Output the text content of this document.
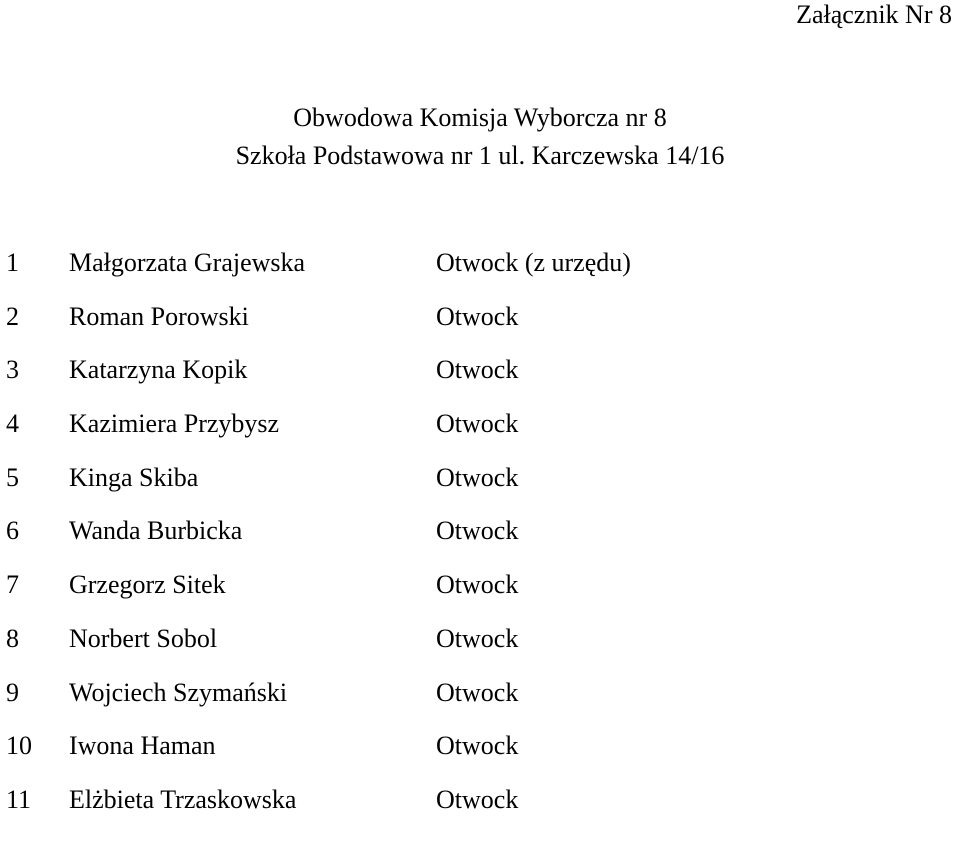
Załącznik Nr 8
Szkoła Podstawowa nr 1 ul. Karczewska 14/16
Obwodowa Komisja Wyborcza nr 8
1 Małgorzata Grajewska	Otwock (z urzędu)
2 Roman Porowski	Otwock
3 Katarzyna Kopik	Otwock
4 Kazimiera Przybysz	Otwock
5 Kinga Skiba	Otwock
6 Wanda Burbicka	Otwock
7 Grzegorz Sitek	Otwock
8 Norbert Sobol	Otwock
9 Wojciech Szymański	Otwock
10 Iwona Haman	Otwock
11 Elżbieta Trzaskowska	Otwock
